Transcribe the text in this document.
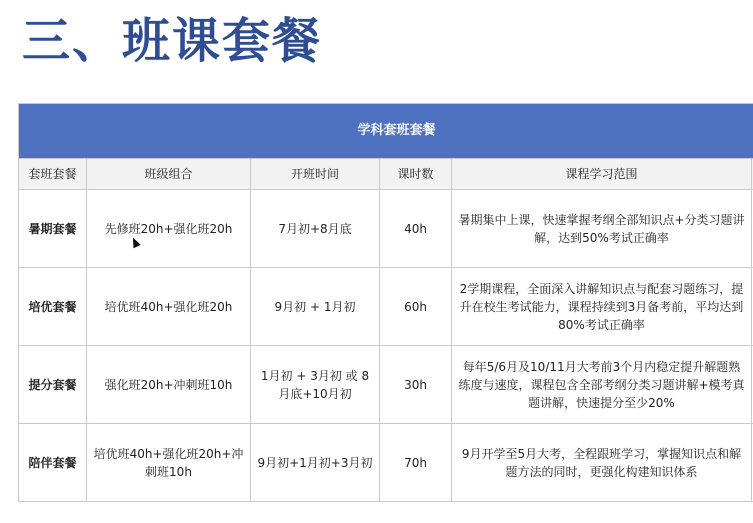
三、班课套餐
学科套班套餐					
套班套餐	班级组合	开班时间	课时数	课程学习范围	
暑期套餐	先修班20h+强化班20h	7月初+8月底	40h	暑期集中上课，快速掌握考纲全部知识点+分类习题讲解，达到50%考试正确率	
培优套餐	培优班40h+强化班20h	9月初 + 1月初	60h	2学期课程，全面深入讲解知识点与配套习题练习，提升在校生考试能力，课程持续到3月备考前，平均达到80%考试正确率	
提分套餐	强化班20h+冲刺班10h	1月初 + 3月初 或 8月底+10月初	30h	每年5/6月及10/11月大考前3个月内稳定提升解题熟练度与速度，课程包含全部考纲分类习题讲解+模考真题讲解，快速提分至少20%	
陪伴套餐	培优班40h+强化班20h+冲刺班10h	9月初+1月初+3月初	70h	9月开学至5月大考，全程跟班学习，掌握知识点和解题方法的同时，更强化构建知识体系	
